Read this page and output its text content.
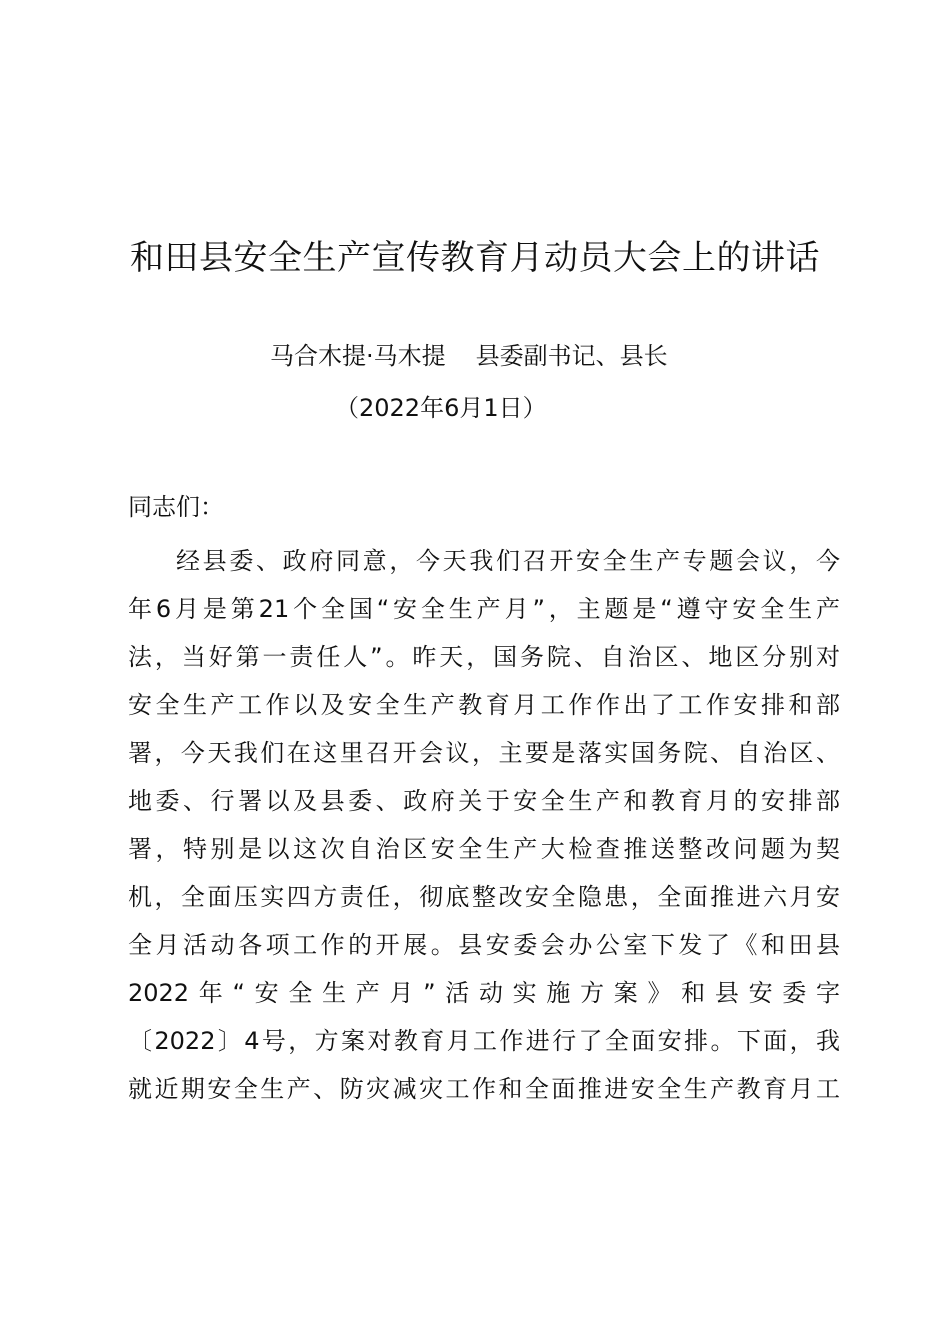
和田县安全生产宣传教育月动员大会上的讲话
马合木提·马木提 县委副书记、县长
（2022年6月1日）
同志们：
经县委、政府同意，今天我们召开安全生产专题会议，今
年6月是第21个全国“安全生产月”，主题是“遵守安全生产
法，当好第一责任人”。昨天，国务院、自治区、地区分别对
安全生产工作以及安全生产教育月工作作出了工作安排和部
署，今天我们在这里召开会议，主要是落实国务院、自治区、
地委、行署以及县委、政府关于安全生产和教育月的安排部
署，特别是以这次自治区安全生产大检查推送整改问题为契
机，全面压实四方责任，彻底整改安全隐患，全面推进六月安
全月活动各项工作的开展。县安委会办公室下发了《和田县
2022年“安全生产月”活动实施方案》和县安委字
〔2022〕4号，方案对教育月工作进行了全面安排。下面，我
就近期安全生产、防灾减灾工作和全面推进安全生产教育月工
